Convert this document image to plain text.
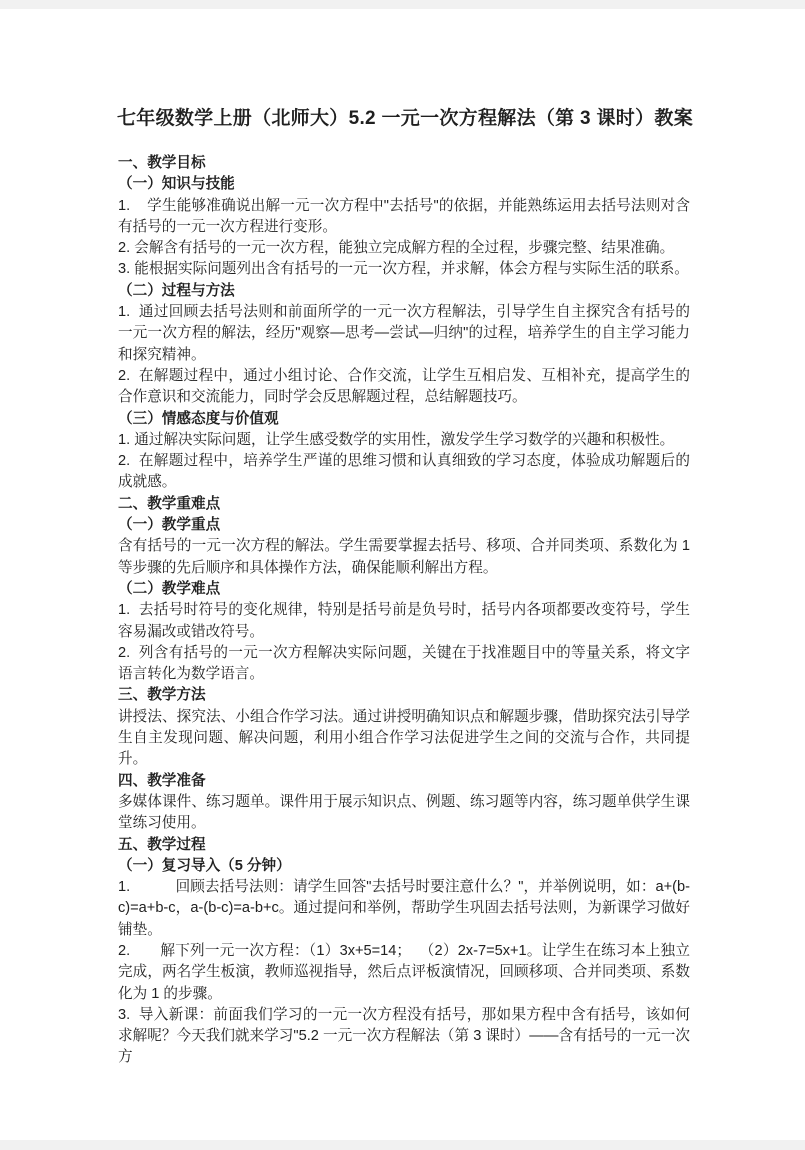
七年级数学上册（北师大）5.2 一元一次方程解法（第 3 课时）教案
一、教学目标
（一）知识与技能
1.    学生能够准确说出解一元一次方程中"去括号"的依据，并能熟练运用去括号法则对含有括号的一元一次方程进行变形。
2. 会解含有括号的一元一次方程，能独立完成解方程的全过程，步骤完整、结果准确。
3. 能根据实际问题列出含有括号的一元一次方程，并求解，体会方程与实际生活的联系。
（二）过程与方法
1.  通过回顾去括号法则和前面所学的一元一次方程解法，引导学生自主探究含有括号的一元一次方程的解法，经历"观察—思考—尝试—归纳"的过程，培养学生的自主学习能力和探究精神。
2.  在解题过程中，通过小组讨论、合作交流，让学生互相启发、互相补充，提高学生的合作意识和交流能力，同时学会反思解题过程，总结解题技巧。
（三）情感态度与价值观
1. 通过解决实际问题，让学生感受数学的实用性，激发学生学习数学的兴趣和积极性。
2.  在解题过程中，培养学生严谨的思维习惯和认真细致的学习态度，体验成功解题后的成就感。
二、教学重难点
（一）教学重点
含有括号的一元一次方程的解法。学生需要掌握去括号、移项、合并同类项、系数化为 1 等步骤的先后顺序和具体操作方法，确保能顺利解出方程。
（二）教学难点
1.  去括号时符号的变化规律，特别是括号前是负号时，括号内各项都要改变符号，学生容易漏改或错改符号。
2.  列含有括号的一元一次方程解决实际问题，关键在于找准题目中的等量关系，将文字语言转化为数学语言。
三、教学方法
讲授法、探究法、小组合作学习法。通过讲授明确知识点和解题步骤，借助探究法引导学生自主发现问题、解决问题，利用小组合作学习法促进学生之间的交流与合作，共同提升。
四、教学准备
多媒体课件、练习题单。课件用于展示知识点、例题、练习题等内容，练习题单供学生课堂练习使用。
五、教学过程
（一）复习导入（5 分钟）
1.           回顾去括号法则：请学生回答"去括号时要注意什么？"，并举例说明，如：a+(b-c)=a+b-c，a-(b-c)=a-b+c。通过提问和举例，帮助学生巩固去括号法则，为新课学习做好铺垫。
2.       解下列一元一次方程：（1）3x+5=14；  （2）2x-7=5x+1。让学生在练习本上独立完成，两名学生板演，教师巡视指导，然后点评板演情况，回顾移项、合并同类项、系数化为 1 的步骤。
3.  导入新课：前面我们学习的一元一次方程没有括号，那如果方程中含有括号，该如何求解呢？今天我们就来学习"5.2 一元一次方程解法（第 3 课时）——含有括号的一元一次方
